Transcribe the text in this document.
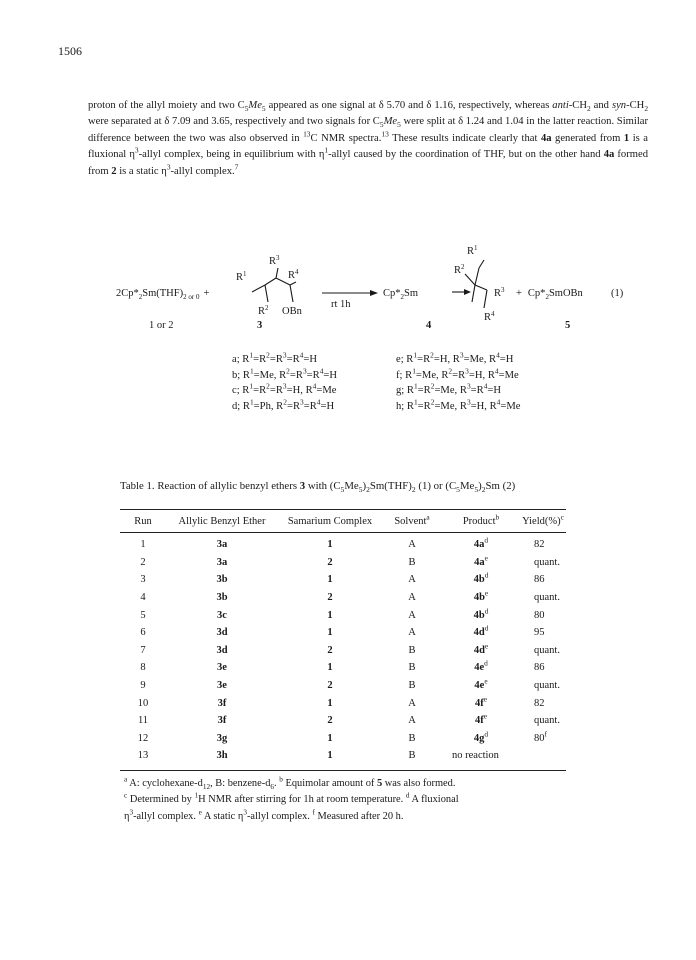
1506

proton of the allyl moiety and two $C_5Me_5$ appeared as one signal at δ 5.70 and δ 1.16, respectively, whereas anti-$CH_2$ and syn-$CH_2$ were separated at δ 7.09 and 3.65, respectively and two signals for $C_5Me_5$ were split at δ 1.24 and 1.04 in the latter reaction. Similar difference between the two was also observed in $^{13}$C NMR spectra.$^{13}$ These results indicate clearly that 4a generated from 1 is a fluxional $\eta^3$-allyl complex, being in equilibrium with $\eta^1$-allyl caused by the coordination of THF, but on the other hand 4a formed from 2 is a static $\eta^3$-allyl complex.$^7$

$2Cp*_2Sm(THF)_{2 or 0}$ +
$R^3$
$R^1$	$R^4$
$R^2$ OBn
rt 1h
$Cp*_2Sm$
$R^1$
$R^2$
$R^3$
$R^4$
+ $Cp*_2SmOBn$	(1)
1 or 2	3	4	5
a; $R^1=R^2=R^3=R^4=H$
b; $R^1=Me$, $R^2=R^3=R^4=H$
c; $R^1=R^2=R^3=H$, $R^4=Me$
d; $R^1=Ph$, $R^2=R^3=R^4=H$
e; $R^1=R^2=H$, $R^3=Me$, $R^4=H$
f; $R^1=Me$, $R^2=R^3=H$, $R^4=Me$
g; $R^1=R^2=Me$, $R^3=R^4=H$
h; $R^1=R^2=Me$, $R^3=H$, $R^4=Me$
Table 1. Reaction of allylic benzyl ethers 3 with $(C_5Me_5)_2Sm(THF)_2$ (1) or $(C_5Me_5)_2Sm$ (2)
Run	Allylic Benzyl Ether	Samarium Complex	Solvent$^a$	Product$^b$	Yield(%)$^c$
1	3a	1	A	$4a^d$	82
2	3a	2	B	$4a^e$	quant.
3	3b	1	A	$4b^d$	86
4	3b	2	A	$4b^e$	quant.
5	3c	1	A	$4b^d$	80
6	3d	1	A	$4d^d$	95
7	3d	2	B	$4d^e$	quant.
8	3e	1	B	$4e^d$	86
9	3e	2	B	$4e^e$	quant.
10	3f	1	A	$4f^e$	82
11	3f	2	A	$4f^e$	quant.
12	3g	1	B	$4g^d$	80$^f$
13	3h	1	B	no reaction	
$^a$ A: cyclohexane-$d_{12}$, B: benzene-$d_6$. $^b$ Equimolar amount of 5 was also formed.
$^c$ Determined by $^1$H NMR after stirring for 1h at room temperature. $^d$ A fluxional
$\eta^3$-allyl complex. $^e$ A static $\eta^3$-allyl complex. $^f$ Measured after 20 h.
